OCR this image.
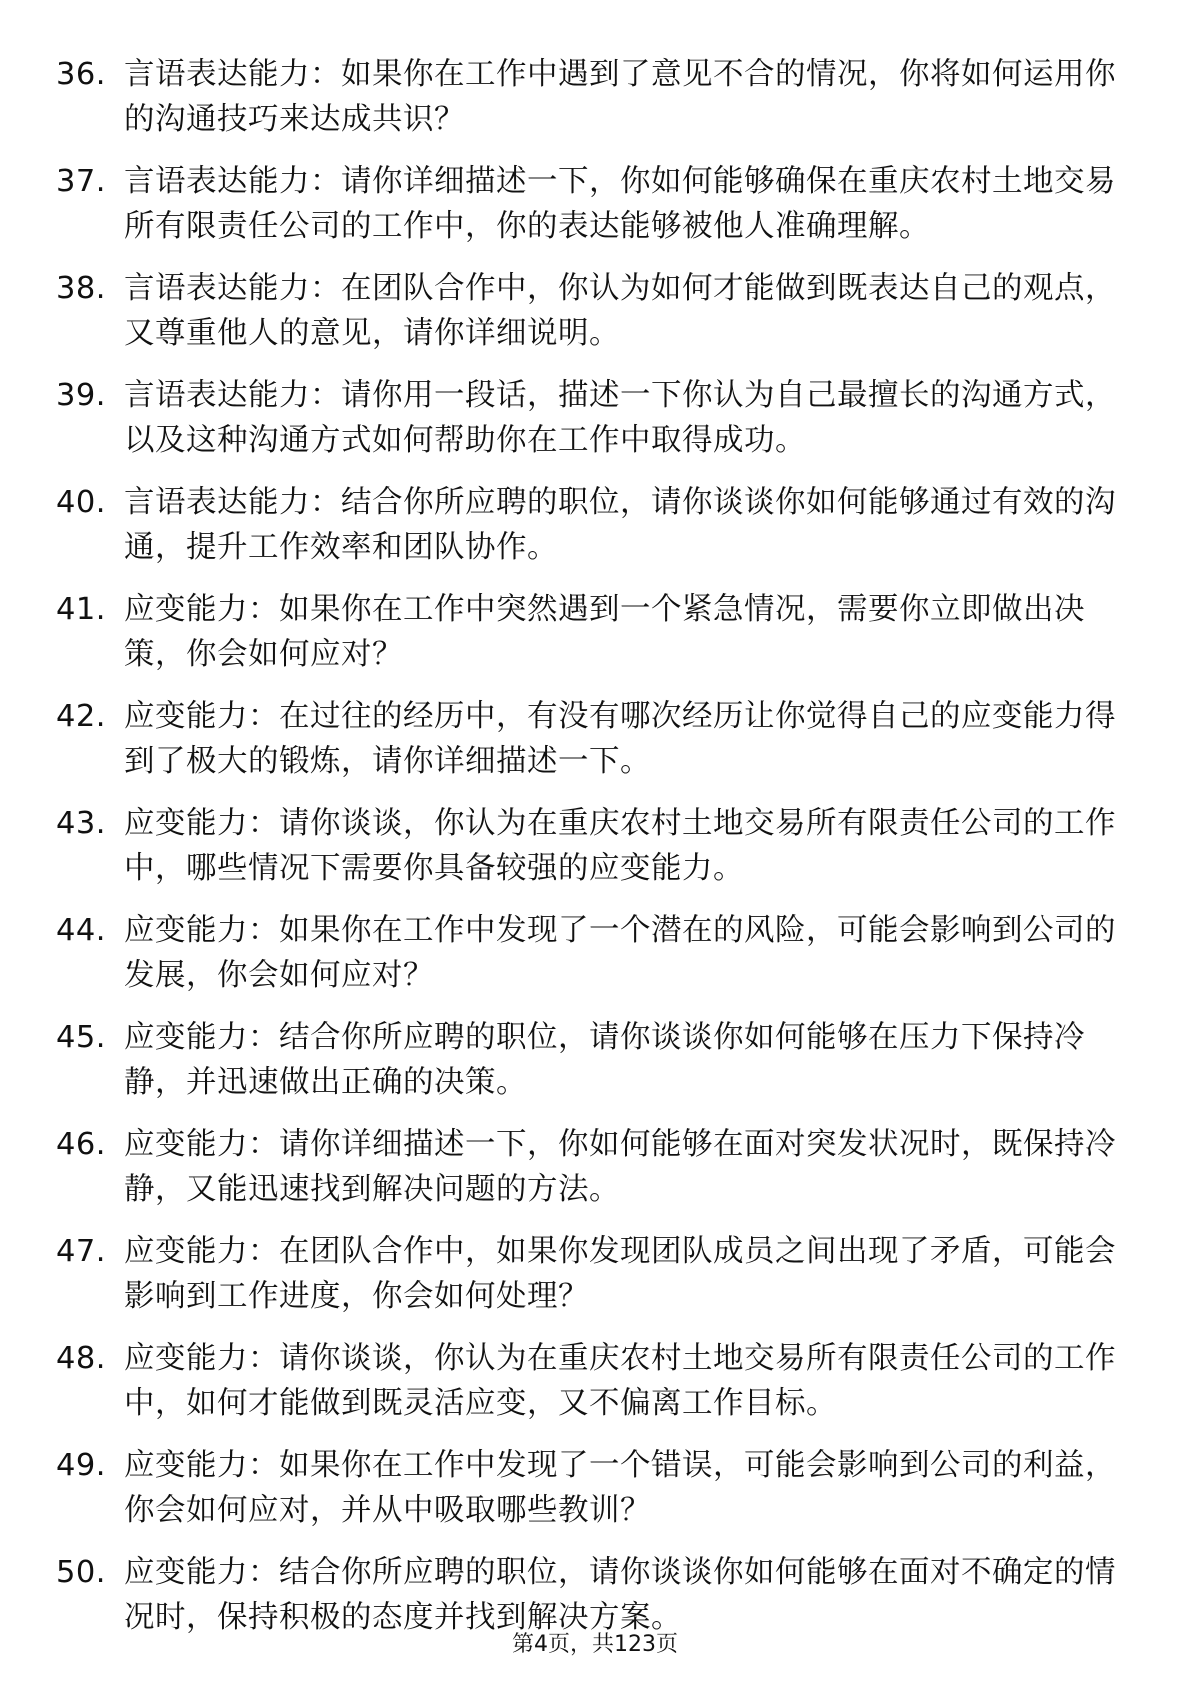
36. 言语表达能力：如果你在工作中遇到了意见不合的情况，你将如何运用你的沟通技巧来达成共识？
37. 言语表达能力：请你详细描述一下，你如何能够确保在重庆农村土地交易所有限责任公司的工作中，你的表达能够被他人准确理解。
38. 言语表达能力：在团队合作中，你认为如何才能做到既表达自己的观点，又尊重他人的意见，请你详细说明。
39. 言语表达能力：请你用一段话，描述一下你认为自己最擅长的沟通方式，以及这种沟通方式如何帮助你在工作中取得成功。
40. 言语表达能力：结合你所应聘的职位，请你谈谈你如何能够通过有效的沟通，提升工作效率和团队协作。
41. 应变能力：如果你在工作中突然遇到一个紧急情况，需要你立即做出决策，你会如何应对？
42. 应变能力：在过往的经历中，有没有哪次经历让你觉得自己的应变能力得到了极大的锻炼，请你详细描述一下。
43. 应变能力：请你谈谈，你认为在重庆农村土地交易所有限责任公司的工作中，哪些情况下需要你具备较强的应变能力。
44. 应变能力：如果你在工作中发现了一个潜在的风险，可能会影响到公司的发展，你会如何应对？
45. 应变能力：结合你所应聘的职位，请你谈谈你如何能够在压力下保持冷静，并迅速做出正确的决策。
46. 应变能力：请你详细描述一下，你如何能够在面对突发状况时，既保持冷静，又能迅速找到解决问题的方法。
47. 应变能力：在团队合作中，如果你发现团队成员之间出现了矛盾，可能会影响到工作进度，你会如何处理？
48. 应变能力：请你谈谈，你认为在重庆农村土地交易所有限责任公司的工作中，如何才能做到既灵活应变，又不偏离工作目标。
49. 应变能力：如果你在工作中发现了一个错误，可能会影响到公司的利益，你会如何应对，并从中吸取哪些教训？
50. 应变能力：结合你所应聘的职位，请你谈谈你如何能够在面对不确定的情况时，保持积极的态度并找到解决方案。
第4页，共123页
